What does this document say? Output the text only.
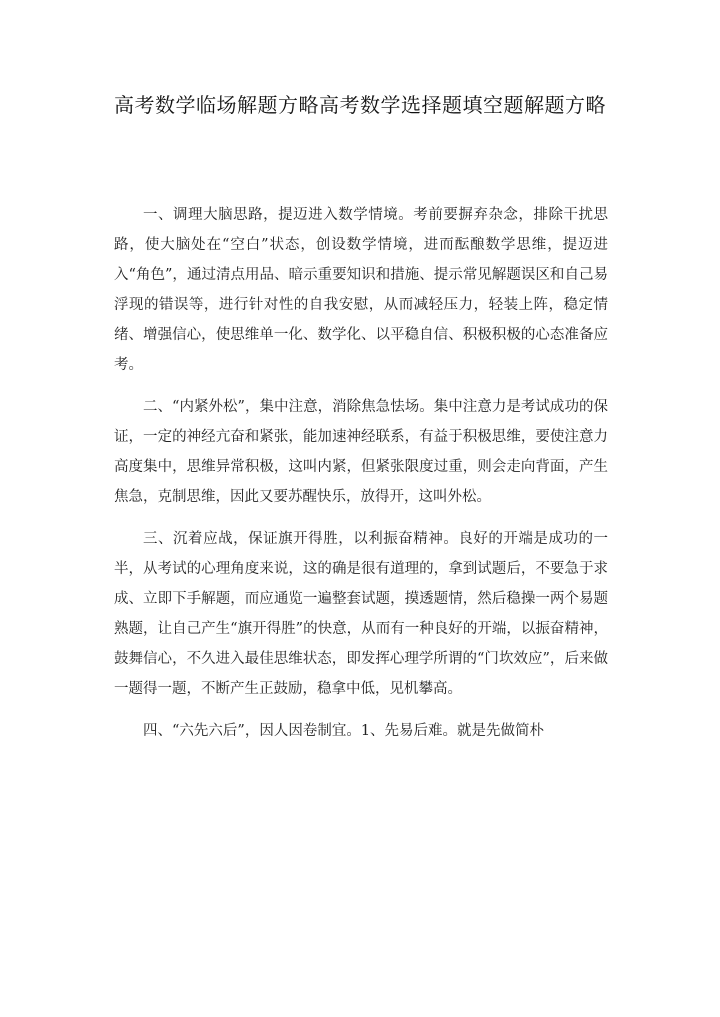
高考数学临场解题方略高考数学选择题填空题解题方略

一、调理大脑思路，提迈进入数学情境。考前要摒弃杂念，排除干扰思路，使大脑处在“空白”状态，创设数学情境，进而酝酿数学思维，提迈进入“角色”，通过清点用品、暗示重要知识和措施、提示常见解题误区和自己易浮现的错误等，进行针对性的自我安慰，从而减轻压力，轻装上阵，稳定情绪、增强信心，使思维单一化、数学化、以平稳自信、积极积极的心态准备应考。

二、“内紧外松”，集中注意，消除焦急怯场。集中注意力是考试成功的保证，一定的神经亢奋和紧张，能加速神经联系，有益于积极思维，要使注意力高度集中，思维异常积极，这叫内紧，但紧张限度过重，则会走向背面，产生焦急，克制思维，因此又要苏醒快乐，放得开，这叫外松。

三、沉着应战，保证旗开得胜，以利振奋精神。良好的开端是成功的一半，从考试的心理角度来说，这的确是很有道理的，拿到试题后，不要急于求成、立即下手解题，而应通览一遍整套试题，摸透题情，然后稳操一两个易题熟题，让自己产生“旗开得胜”的快意，从而有一种良好的开端，以振奋精神，鼓舞信心，不久进入最佳思维状态，即发挥心理学所谓的“门坎效应”，后来做一题得一题，不断产生正鼓励，稳拿中低，见机攀高。

四、“六先六后”，因人因卷制宜。1、先易后难。就是先做简朴
